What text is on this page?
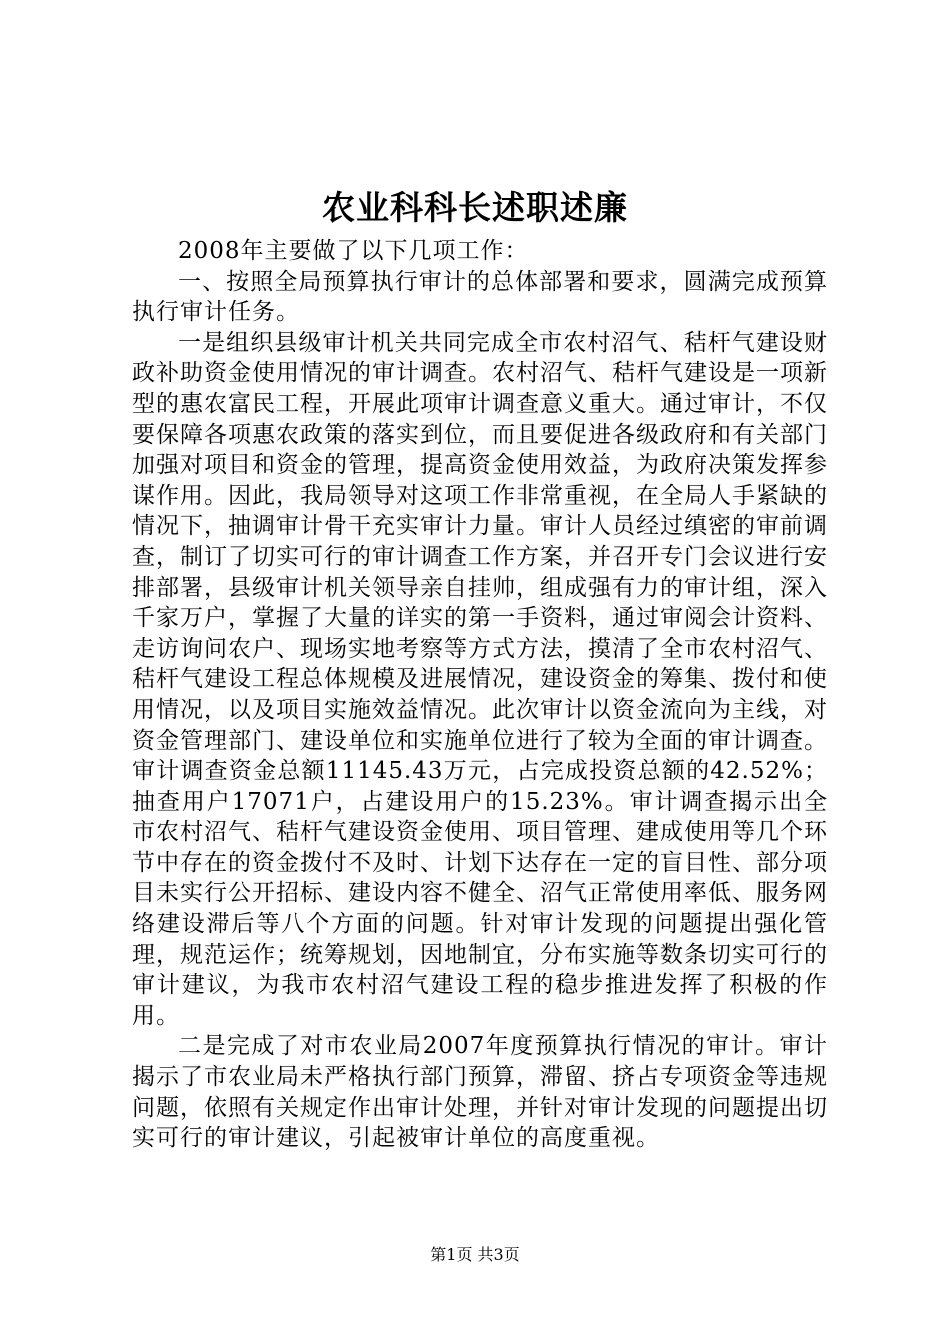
农业科科长述职述廉

2008年主要做了以下几项工作：

一、按照全局预算执行审计的总体部署和要求，圆满完成预算执行审计任务。

一是组织县级审计机关共同完成全市农村沼气、秸杆气建设财政补助资金使用情况的审计调查。农村沼气、秸杆气建设是一项新型的惠农富民工程，开展此项审计调查意义重大。通过审计，不仅要保障各项惠农政策的落实到位，而且要促进各级政府和有关部门加强对项目和资金的管理，提高资金使用效益，为政府决策发挥参谋作用。因此，我局领导对这项工作非常重视，在全局人手紧缺的情况下，抽调审计骨干充实审计力量。审计人员经过缜密的审前调查，制订了切实可行的审计调查工作方案，并召开专门会议进行安排部署，县级审计机关领导亲自挂帅，组成强有力的审计组，深入千家万户，掌握了大量的详实的第一手资料，通过审阅会计资料、走访询问农户、现场实地考察等方式方法，摸清了全市农村沼气、秸杆气建设工程总体规模及进展情况，建设资金的筹集、拨付和使用情况，以及项目实施效益情况。此次审计以资金流向为主线，对资金管理部门、建设单位和实施单位进行了较为全面的审计调查。审计调查资金总额11145.43万元，占完成投资总额的42.52%；抽查用户17071户，占建设用户的15.23%。审计调查揭示出全市农村沼气、秸杆气建设资金使用、项目管理、建成使用等几个环节中存在的资金拨付不及时、计划下达存在一定的盲目性、部分项目未实行公开招标、建设内容不健全、沼气正常使用率低、服务网络建设滞后等八个方面的问题。针对审计发现的问题提出强化管理，规范运作；统筹规划，因地制宜，分布实施等数条切实可行的审计建议，为我市农村沼气建设工程的稳步推进发挥了积极的作用。

二是完成了对市农业局2007年度预算执行情况的审计。审计揭示了市农业局未严格执行部门预算，滞留、挤占专项资金等违规问题，依照有关规定作出审计处理，并针对审计发现的问题提出切实可行的审计建议，引起被审计单位的高度重视。

第1页 共3页
